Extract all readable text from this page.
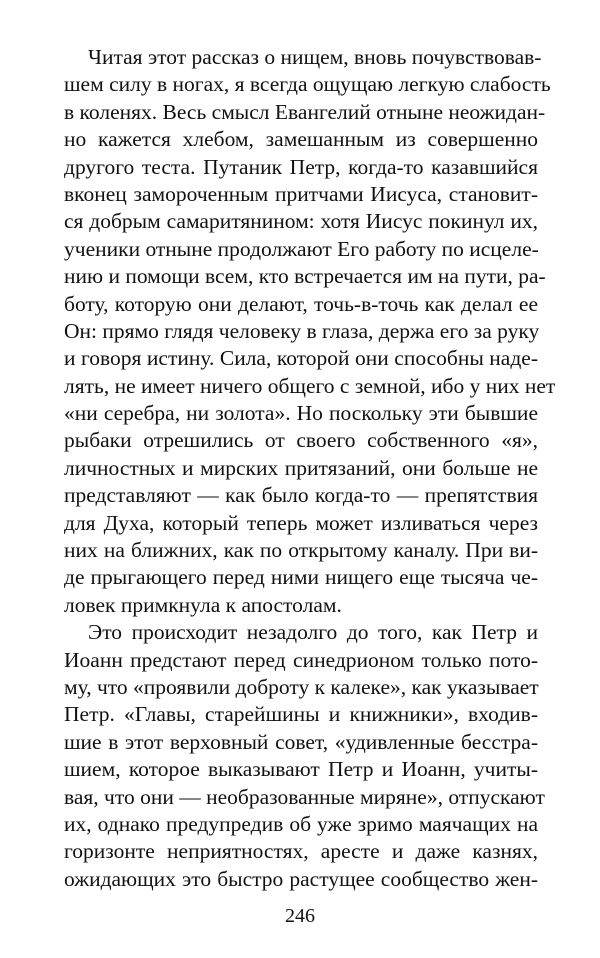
Читая этот рассказ о нищем, вновь почувствовав-
шем силу в ногах, я всегда ощущаю легкую слабость
в коленях. Весь смысл Евангелий отныне неожидан-
но кажется хлебом, замешанным из совершенно
другого теста. Путаник Петр, когда-то казавшийся
вконец замороченным притчами Иисуса, становит-
ся добрым самаритянином: хотя Иисус покинул их,
ученики отныне продолжают Его работу по исцеле-
нию и помощи всем, кто встречается им на пути, ра-
боту, которую они делают, точь-в-точь как делал ее
Он: прямо глядя человеку в глаза, держа его за руку
и говоря истину. Сила, которой они способны наде-
лять, не имеет ничего общего с земной, ибо у них нет
«ни серебра, ни золота». Но поскольку эти бывшие
рыбаки отрешились от своего собственного «я»,
личностных и мирских притязаний, они больше не
представляют — как было когда-то — препятствия
для Духа, который теперь может изливаться через
них на ближних, как по открытому каналу. При ви-
де прыгающего перед ними нищего еще тысяча че-
ловек примкнула к апостолам.
Это происходит незадолго до того, как Петр и
Иоанн предстают перед синедрионом только пото-
му, что «проявили доброту к калеке», как указывает
Петр. «Главы, старейшины и книжники», входив-
шие в этот верховный совет, «удивленные бесстра-
шием, которое выказывают Петр и Иоанн, учиты-
вая, что они — необразованные миряне», отпускают
их, однако предупредив об уже зримо маячащих на
горизонте неприятностях, аресте и даже казнях,
ожидающих это быстро растущее сообщество жен-
246
